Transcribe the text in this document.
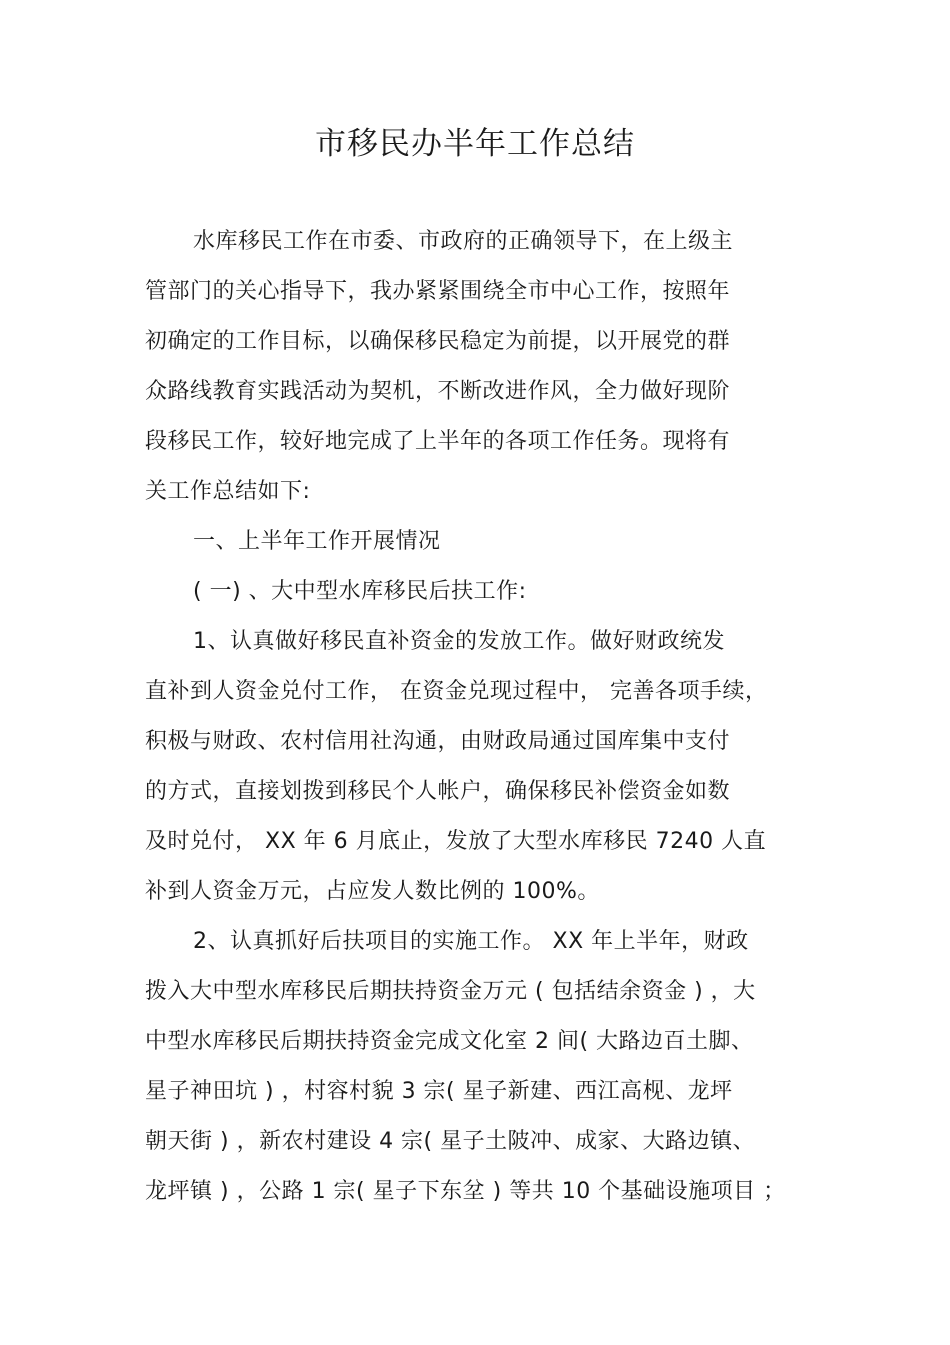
市移民办半年工作总结
水库移民工作在市委、市政府的正确领导下，在上级主
管部门的关心指导下，我办紧紧围绕全市中心工作，按照年
初确定的工作目标，以确保移民稳定为前提，以开展党的群
众路线教育实践活动为契机，不断改进作风，全力做好现阶
段移民工作，较好地完成了上半年的各项工作任务。现将有
关工作总结如下:
一、上半年工作开展情况
( 一) 、大中型水库移民后扶工作:
1、认真做好移民直补资金的发放工作。做好财政统发
直补到人资金兑付工作， 在资金兑现过程中， 完善各项手续，
积极与财政、农村信用社沟通，由财政局通过国库集中支付
的方式，直接划拨到移民个人帐户，确保移民补偿资金如数
及时兑付， XX 年 6 月底止，发放了大型水库移民 7240 人直
补到人资金万元，占应发人数比例的 100%。
2、认真抓好后扶项目的实施工作。 XX 年上半年，财政
拨入大中型水库移民后期扶持资金万元 ( 包括结余资金 ) ，大
中型水库移民后期扶持资金完成文化室 2 间( 大路边百土脚、
星子神田坑 ) ，村容村貌 3 宗( 星子新建、西江高枧、龙坪
朝天街 ) ，新农村建设 4 宗( 星子土陂冲、成家、大路边镇、
龙坪镇 ) ，公路 1 宗( 星子下东坌 ) 等共 10 个基础设施项目 ；
